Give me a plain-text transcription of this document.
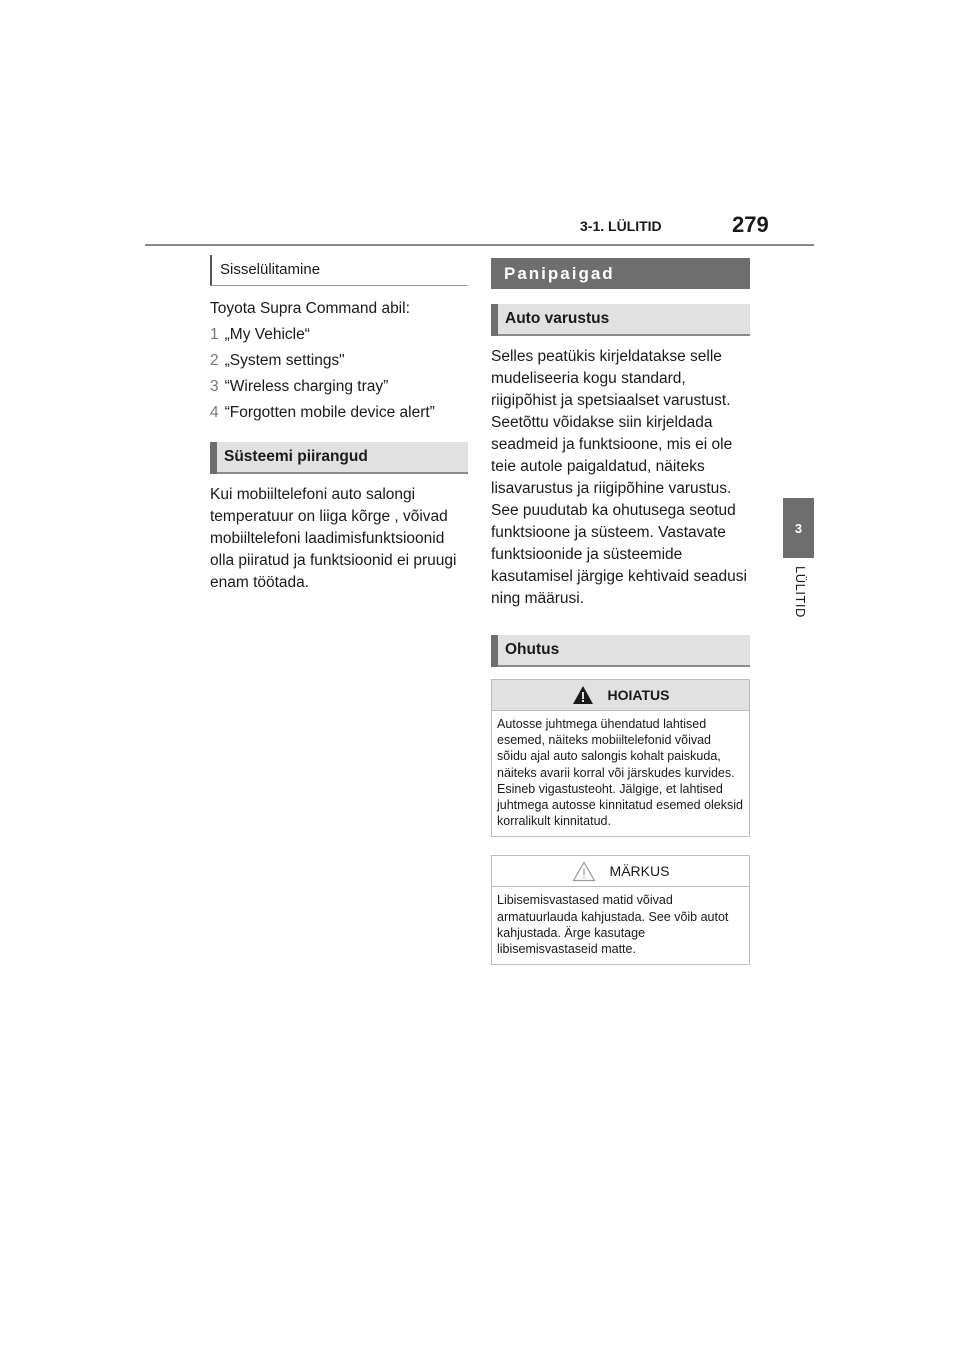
3-1. LÜLITID	279
3
LÜLITID
Sisselülitamine

Toyota Supra Command abil:

1 „My Vehicle“
2 „System settings"
3 “Wireless charging tray”
4 “Forgotten mobile device alert”
Süsteemi piirangud

Kui mobiiltelefoni auto salongi temperatuur on liiga kõrge , võivad mobiiltelefoni laadimisfunktsioonid olla piiratud ja funktsioonid ei pruugi enam töötada.

Panipaigad
Auto varustus

Selles peatükis kirjeldatakse selle mudeliseeria kogu standard, riigipõhist ja spetsiaalset varustust. Seetõttu võidakse siin kirjeldada seadmeid ja funktsioone, mis ei ole teie autole paigaldatud, näiteks lisavarustus ja riigipõhine varustus. See puudutab ka ohutusega seotud funktsioone ja süsteem. Vastavate funktsioonide ja süsteemide kasutamisel järgige kehtivaid seadusi ning määrusi.

Ohutus
HOIATUS
Autosse juhtmega ühendatud lahtised esemed, näiteks mobiiltelefonid võivad sõidu ajal auto salongis kohalt paiskuda, näiteks avarii korral või järskudes kurvides. Esineb vigastusteoht. Jälgige, et lahtised juhtmega autosse kinnitatud esemed oleksid korralikult kinnitatud.
MÄRKUS
Libisemisvastased matid võivad armatuurlauda kahjustada. See võib autot kahjustada. Ärge kasutage libisemisvastaseid matte.
